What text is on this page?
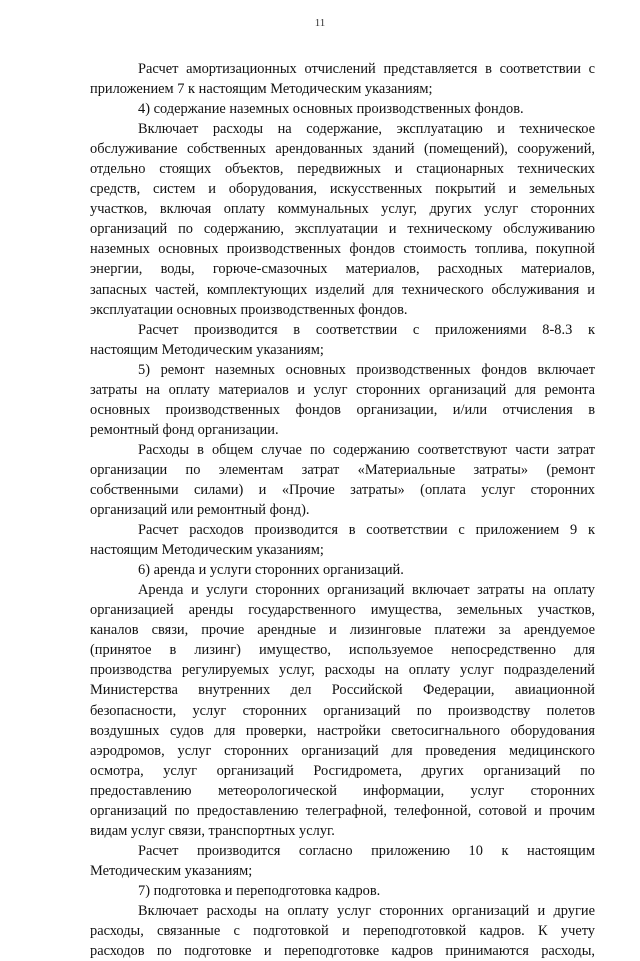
11
Расчет амортизационных отчислений представляется в соответствии с
приложением 7 к настоящим Методическим указаниям;
4) содержание наземных основных производственных фондов.
Включает расходы на содержание, эксплуатацию и техническое
обслуживание собственных арендованных зданий (помещений), сооружений,
отдельно стоящих объектов, передвижных и стационарных технических
средств, систем и оборудования, искусственных покрытий и земельных
участков, включая оплату коммунальных услуг, других услуг сторонних
организаций по содержанию, эксплуатации и техническому обслуживанию
наземных основных производственных фондов стоимость топлива, покупной
энергии, воды, горюче-смазочных материалов, расходных материалов,
запасных частей, комплектующих изделий для технического обслуживания и
эксплуатации основных производственных фондов.
Расчет производится в соответствии с приложениями 8-8.3 к
настоящим Методическим указаниям;
5) ремонт наземных основных производственных фондов включает
затраты на оплату материалов и услуг сторонних организаций для ремонта
основных производственных фондов организации, и/или отчисления в
ремонтный фонд организации.
Расходы в общем случае по содержанию соответствуют части затрат
организации по элементам затрат «Материальные затраты» (ремонт
собственными силами) и «Прочие затраты» (оплата услуг сторонних
организаций или ремонтный фонд).
Расчет расходов производится в соответствии с приложением 9 к
настоящим Методическим указаниям;
6) аренда и услуги сторонних организаций.
Аренда и услуги сторонних организаций включает затраты на оплату
организацией аренды государственного имущества, земельных участков,
каналов связи, прочие арендные и лизинговые платежи за арендуемое
(принятое в лизинг) имущество, используемое непосредственно для
производства регулируемых услуг, расходы на оплату услуг подразделений
Министерства внутренних дел Российской Федерации, авиационной
безопасности, услуг сторонних организаций по производству полетов
воздушных судов для проверки, настройки светосигнального оборудования
аэродромов, услуг сторонних организаций для проведения медицинского
осмотра, услуг организаций Росгидромета, других организаций по
предоставлению метеорологической информации, услуг сторонних
организаций по предоставлению телеграфной, телефонной, сотовой и прочим
видам услуг связи, транспортных услуг.
Расчет производится согласно приложению 10 к настоящим
Методическим указаниям;
7) подготовка и переподготовка кадров.
Включает расходы на оплату услуг сторонних организаций и другие
расходы, связанные с подготовкой и переподготовкой кадров. К учету
расходов по подготовке и переподготовке кадров принимаются расходы,
